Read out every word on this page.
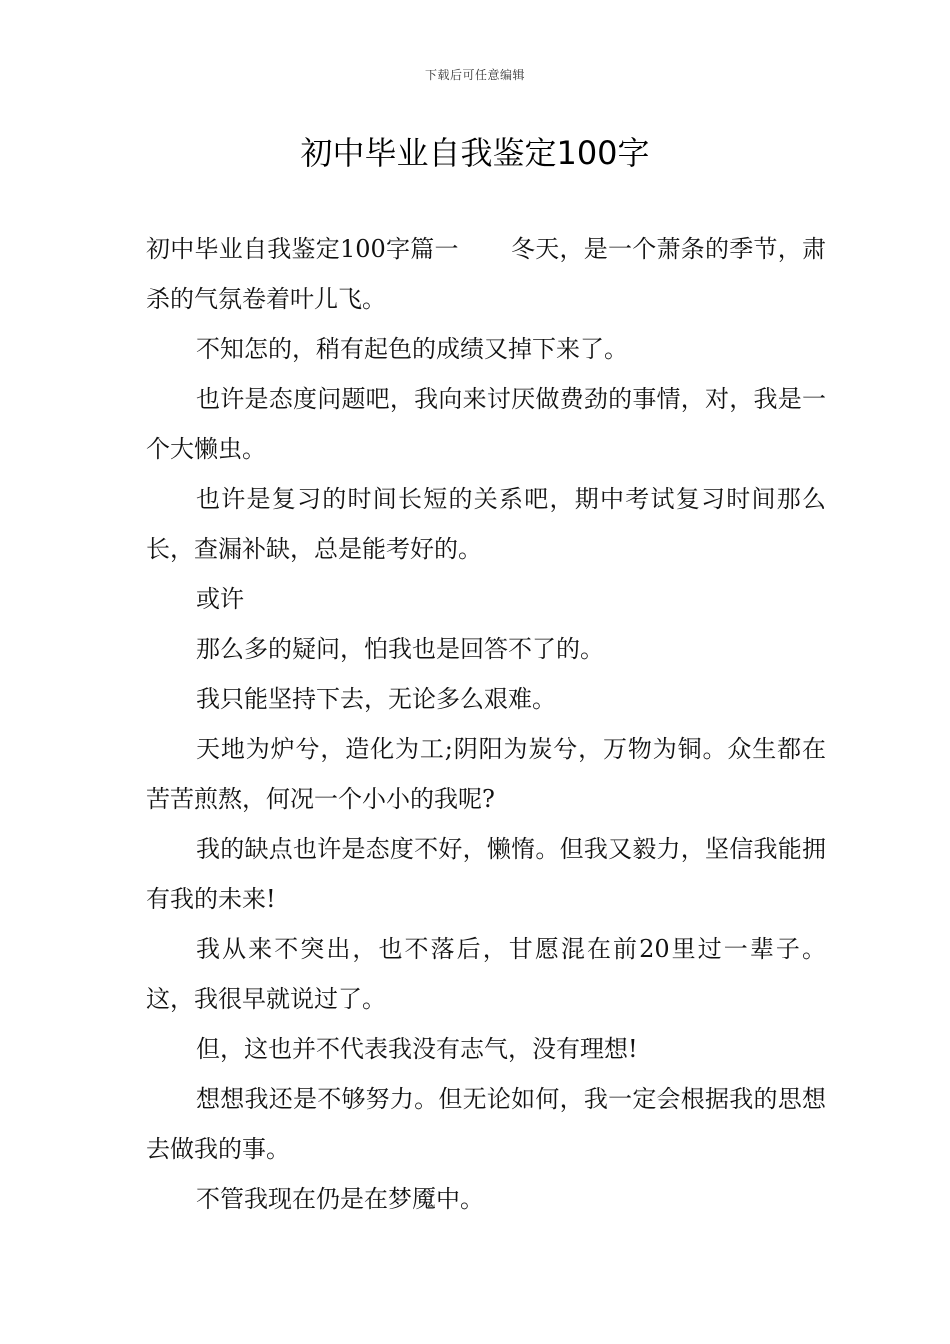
下载后可任意编辑
初中毕业自我鉴定100字

初中毕业自我鉴定100字篇一 冬天，是一个萧条的季节，肃杀的气氛卷着叶儿飞。

不知怎的，稍有起色的成绩又掉下来了。

也许是态度问题吧，我向来讨厌做费劲的事情，对，我是一个大懒虫。

也许是复习的时间长短的关系吧，期中考试复习时间那么长，查漏补缺，总是能考好的。

或许

那么多的疑问，怕我也是回答不了的。

我只能坚持下去，无论多么艰难。

天地为炉兮，造化为工;阴阳为炭兮，万物为铜。众生都在苦苦煎熬，何况一个小小的我呢?

我的缺点也许是态度不好，懒惰。但我又毅力，坚信我能拥有我的未来!

我从来不突出，也不落后，甘愿混在前20里过一辈子。这，我很早就说过了。

但，这也并不代表我没有志气，没有理想!

想想我还是不够努力。但无论如何，我一定会根据我的思想去做我的事。

不管我现在仍是在梦魇中。
